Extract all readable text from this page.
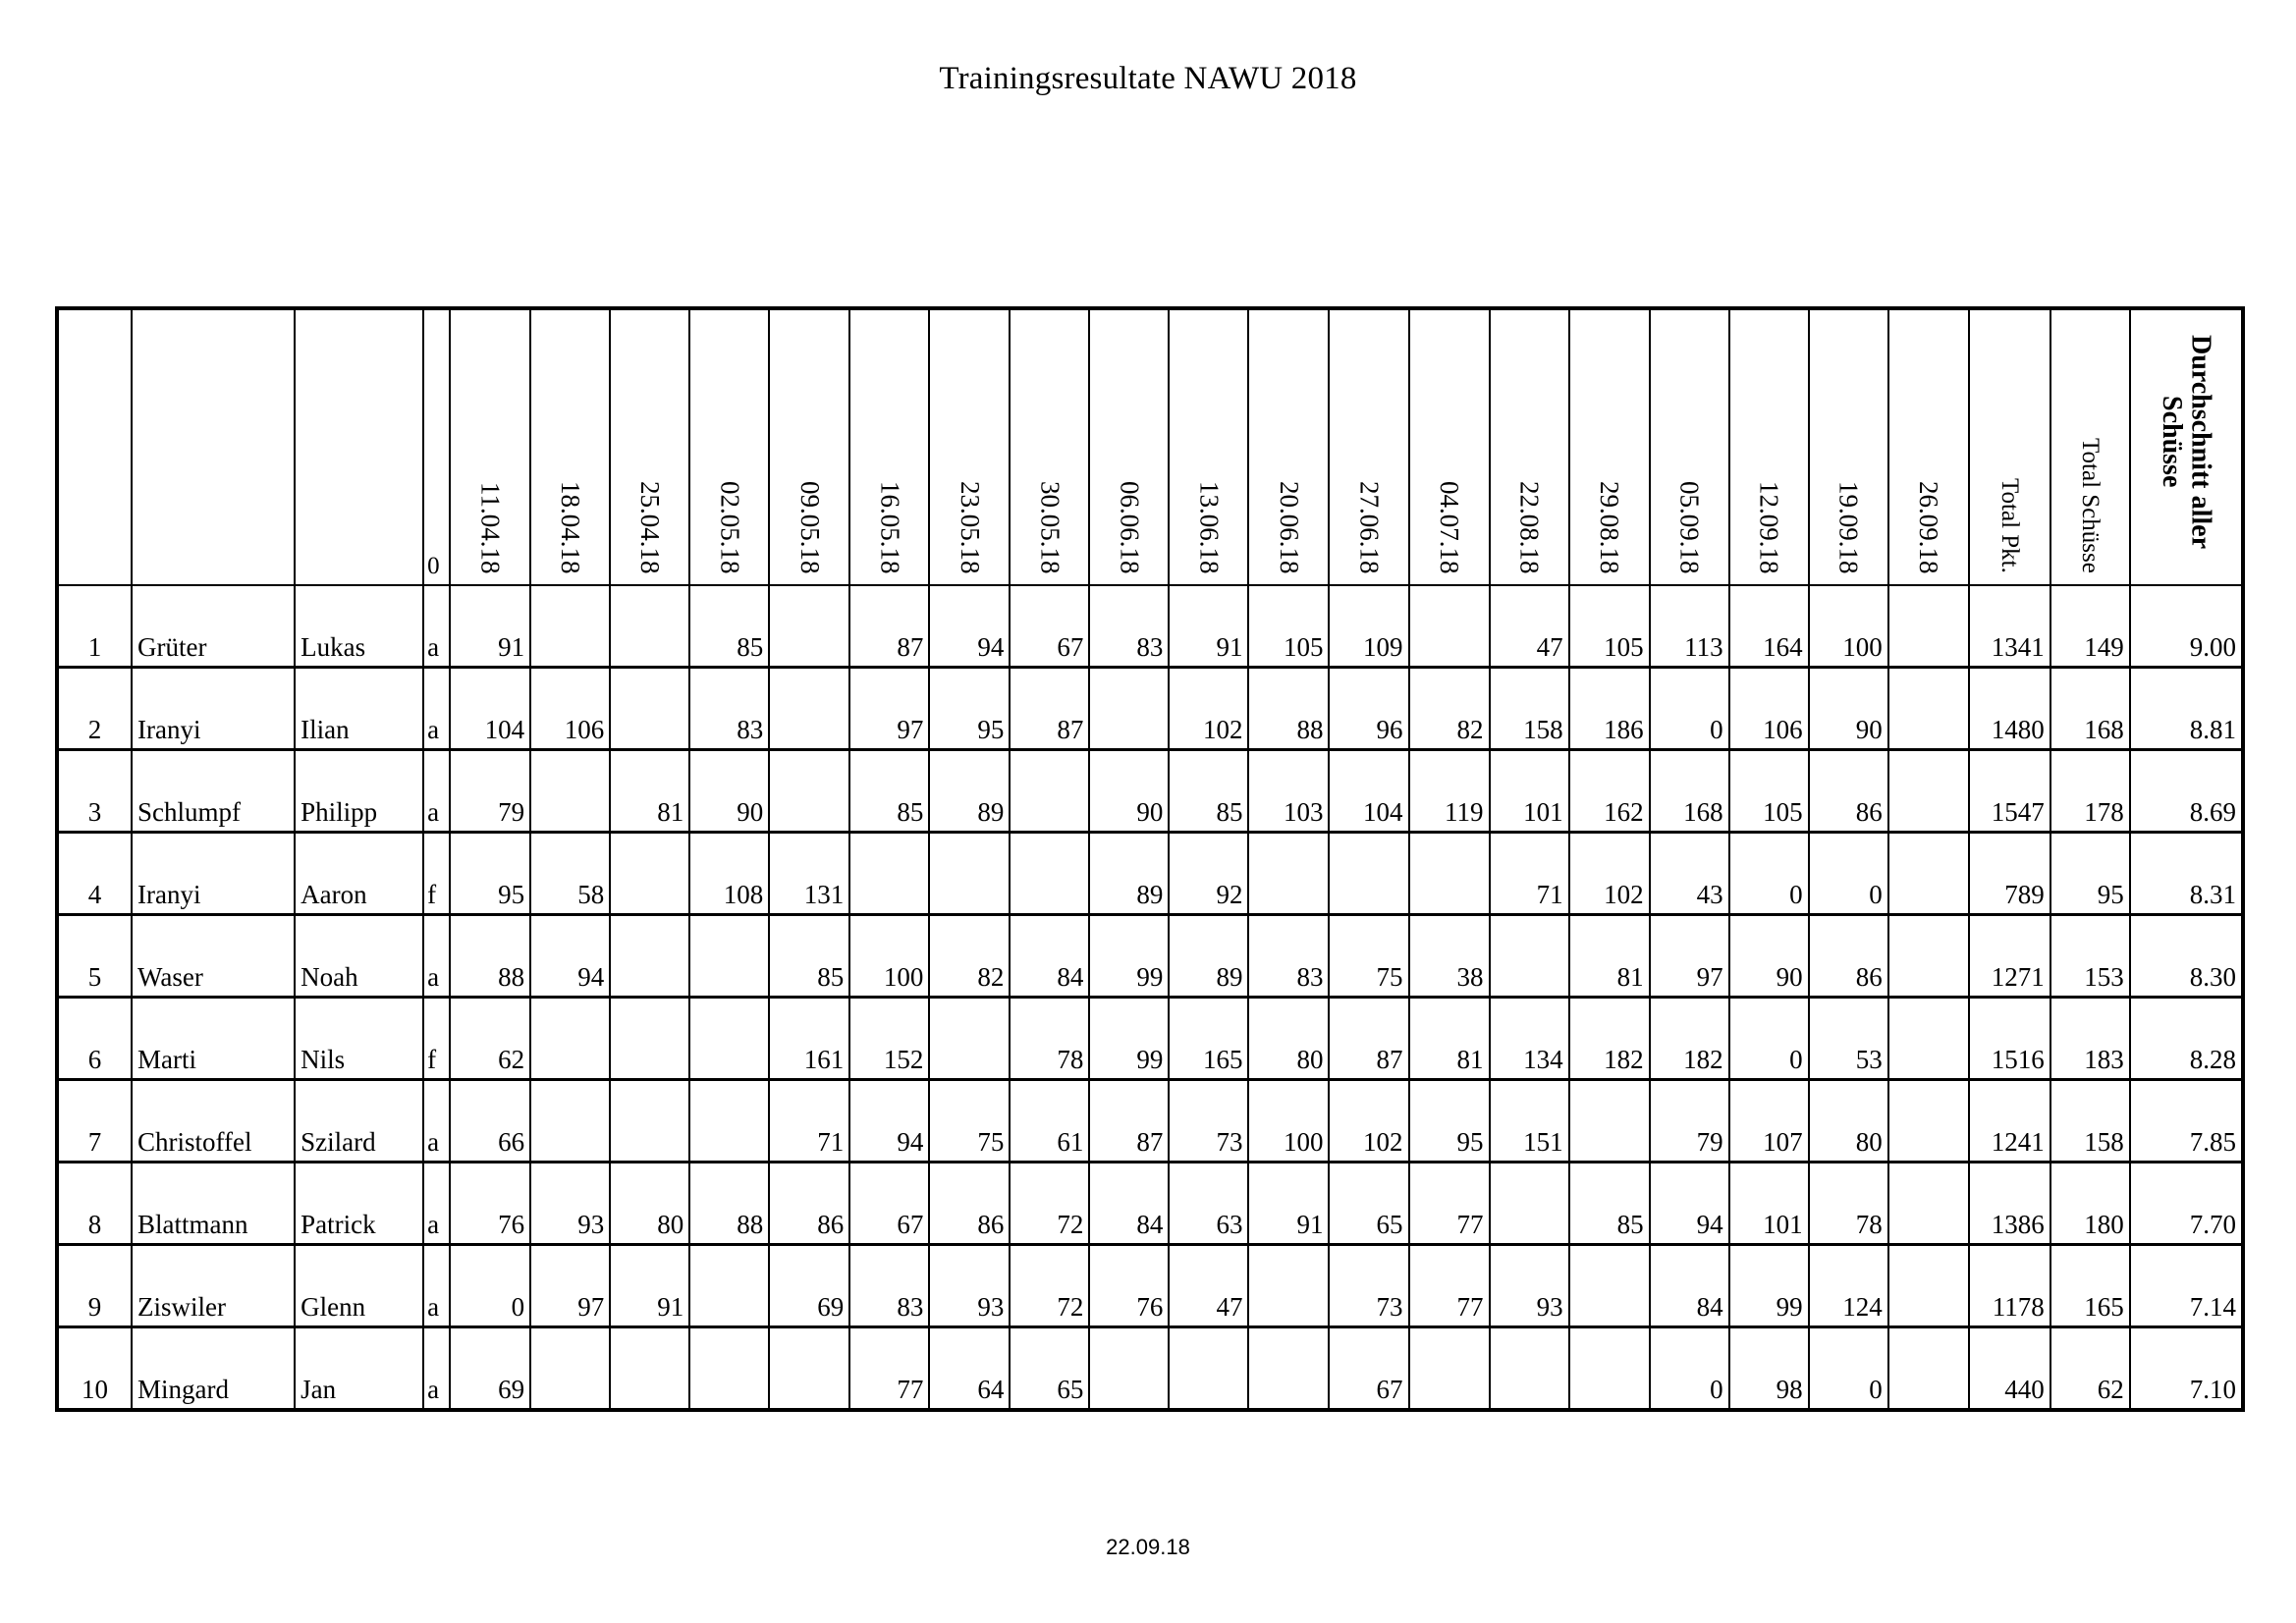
Trainingsresultate NAWU 2018
			0	11.04.18	18.04.18	25.04.18	02.05.18	09.05.18	16.05.18	23.05.18	30.05.18	06.06.18	13.06.18	20.06.18	27.06.18	04.07.18	22.08.18	29.08.18	05.09.18	12.09.18	19.09.18	26.09.18	Total Pkt.	Total Schüsse	Durchschnitt aller Schüsse
1	Grüter	Lukas	a	91			85		87	94	67	83	91	105	109		47	105	113	164	100		1341	149	9.00
2	Iranyi	Ilian	a	104	106		83		97	95	87		102	88	96	82	158	186	0	106	90		1480	168	8.81
3	Schlumpf	Philipp	a	79		81	90		85	89		90	85	103	104	119	101	162	168	105	86		1547	178	8.69
4	Iranyi	Aaron	f	95	58		108	131				89	92				71	102	43	0	0		789	95	8.31
5	Waser	Noah	a	88	94			85	100	82	84	99	89	83	75	38		81	97	90	86		1271	153	8.30
6	Marti	Nils	f	62				161	152		78	99	165	80	87	81	134	182	182	0	53		1516	183	8.28
7	Christoffel	Szilard	a	66				71	94	75	61	87	73	100	102	95	151		79	107	80		1241	158	7.85
8	Blattmann	Patrick	a	76	93	80	88	86	67	86	72	84	63	91	65	77		85	94	101	78		1386	180	7.70
9	Ziswiler	Glenn	a	0	97	91		69	83	93	72	76	47		73	77	93		84	99	124		1178	165	7.14
10	Mingard	Jan	a	69					77	64	65				67				0	98	0		440	62	7.10
22.09.18
